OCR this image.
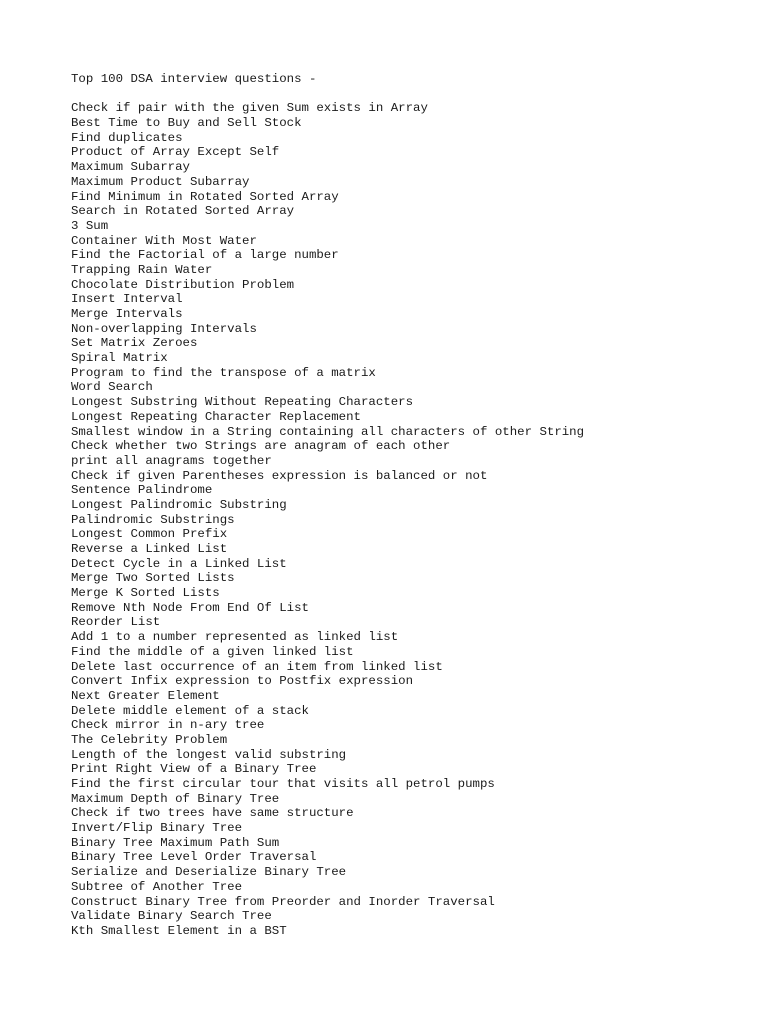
Top 100 DSA interview questions -
Check if pair with the given Sum exists in Array
Best Time to Buy and Sell Stock
Find duplicates
Product of Array Except Self
Maximum Subarray
Maximum Product Subarray
Find Minimum in Rotated Sorted Array
Search in Rotated Sorted Array
3 Sum
Container With Most Water
Find the Factorial of a large number
Trapping Rain Water
Chocolate Distribution Problem
Insert Interval
Merge Intervals
Non-overlapping Intervals
Set Matrix Zeroes
Spiral Matrix
Program to find the transpose of a matrix
Word Search
Longest Substring Without Repeating Characters
Longest Repeating Character Replacement
Smallest window in a String containing all characters of other String
Check whether two Strings are anagram of each other
print all anagrams together
Check if given Parentheses expression is balanced or not
Sentence Palindrome
Longest Palindromic Substring
Palindromic Substrings
Longest Common Prefix
Reverse a Linked List
Detect Cycle in a Linked List
Merge Two Sorted Lists
Merge K Sorted Lists
Remove Nth Node From End Of List
Reorder List
Add 1 to a number represented as linked list
Find the middle of a given linked list
Delete last occurrence of an item from linked list
Convert Infix expression to Postfix expression
Next Greater Element
Delete middle element of a stack
Check mirror in n-ary tree
The Celebrity Problem
Length of the longest valid substring
Print Right View of a Binary Tree
Find the first circular tour that visits all petrol pumps
Maximum Depth of Binary Tree
Check if two trees have same structure
Invert/Flip Binary Tree
Binary Tree Maximum Path Sum
Binary Tree Level Order Traversal
Serialize and Deserialize Binary Tree
Subtree of Another Tree
Construct Binary Tree from Preorder and Inorder Traversal
Validate Binary Search Tree
Kth Smallest Element in a BST
